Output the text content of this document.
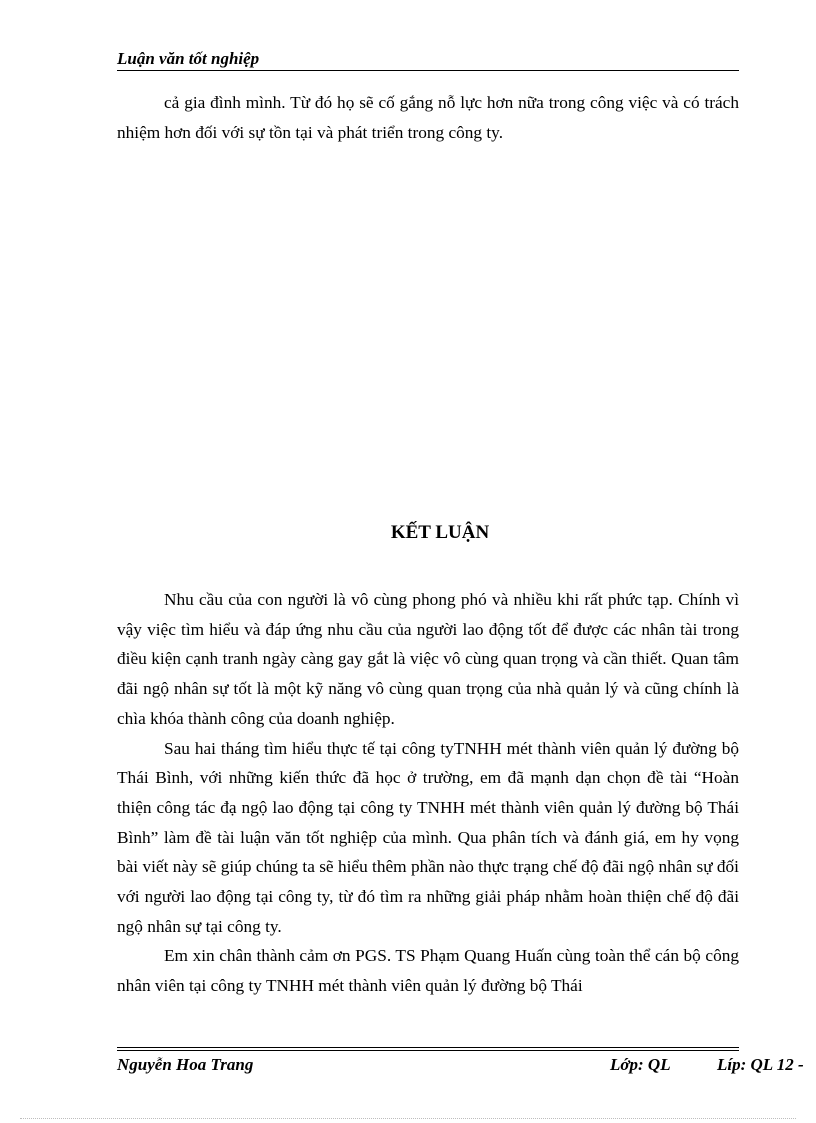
Luận văn tốt nghiệp

cả gia đình mình. Từ đó họ sẽ cố gắng nỗ lực hơn nữa trong công việc và có trách nhiệm hơn đối với sự tồn tại và phát triển trong công ty.

KẾT LUẬN

Nhu cầu của con người là vô cùng phong phó và nhiều khi rất phức tạp. Chính vì vậy việc tìm hiểu và đáp ứng nhu cầu của người lao động tốt để được các nhân tài trong điều kiện cạnh tranh ngày càng gay gắt là việc vô cùng quan trọng và cần thiết. Quan tâm đãi ngộ nhân sự tốt là một kỹ năng vô cùng quan trọng của nhà quản lý và cũng chính là chìa khóa thành công của doanh nghiệp.

Sau hai tháng tìm hiểu thực tế tại công tyTNHH mét thành viên quản lý đường bộ Thái Bình, với những kiến thức đã học ở trường, em đã mạnh dạn chọn đề tài “Hoàn thiện công tác đạ ngộ lao động tại công ty TNHH mét thành viên quản lý đường bộ Thái Bình” làm đề tài luận văn tốt nghiệp của mình. Qua phân tích và đánh giá, em hy vọng bài viết này sẽ giúp chúng ta sẽ hiểu thêm phần nào thực trạng chế độ đãi ngộ nhân sự đối với người lao động tại công ty, từ đó tìm ra những giải pháp nhằm hoàn thiện chế độ đãi ngộ nhân sự tại công ty.

Em xin chân thành cảm ơn PGS. TS Phạm Quang Huấn cùng toàn thể cán bộ công nhân viên tại công ty TNHH mét thành viên quản lý đường bộ Thái

Nguyễn Hoa Trang	Lớp: QL	Líp: QL 12 -
